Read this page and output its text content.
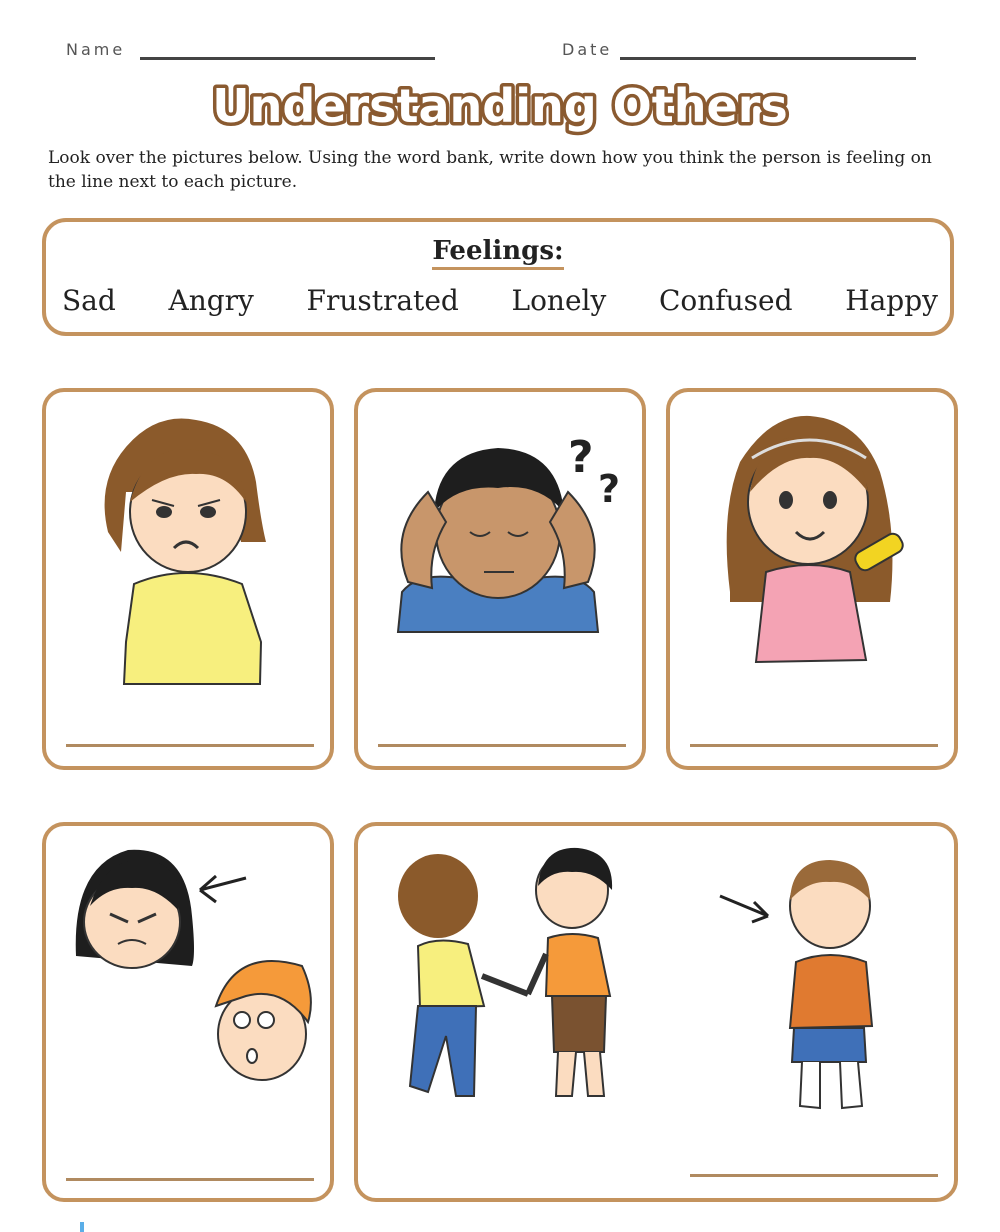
Name	Date
Understanding Others
Look over the pictures below. Using the word bank, write down how you think the person is feeling on the line next to each picture.
Feelings:
Sad Angry Frustrated Lonely Confused Happy
?
?
